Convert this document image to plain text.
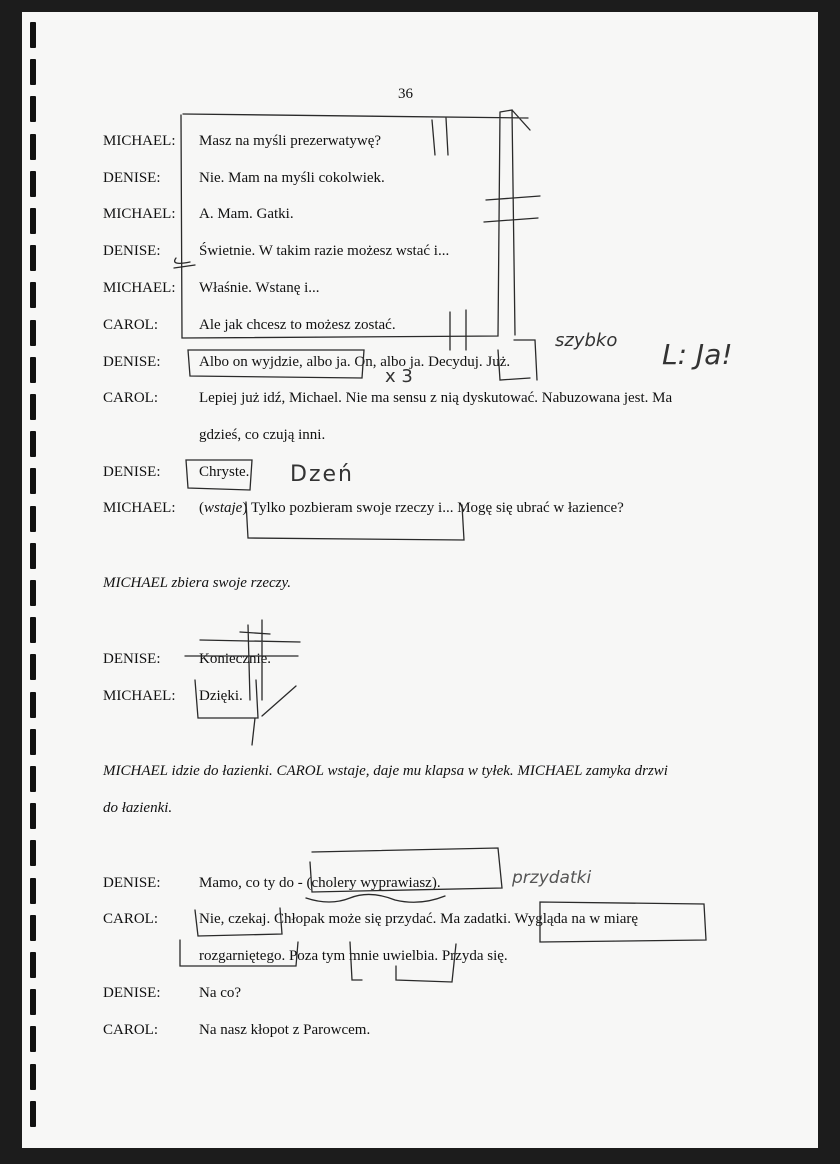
36
MICHAEL: Masz na myśli prezerwatywę?
DENISE:	Nie. Mam na myśli cokolwiek.
MICHAEL: A. Mam. Gatki.
DENISE:	Świetnie. W takim razie możesz wstać i...
MICHAEL: Właśnie. Wstanę i...
CAROL:	Ale jak chcesz to możesz zostać.
DENISE:	Albo on wyjdzie, albo ja. On, albo ja. Decyduj. Już.
CAROL:	Lepiej już idź, Michael. Nie ma sensu z nią dyskutować. Nabuzowana jest. Ma
gdzieś, co czują inni.
DENISE:	Chryste.
MICHAEL: (wstaje) Tylko pozbieram swoje rzeczy i... Mogę się ubrać w łazience?
MICHAEL zbiera swoje rzeczy.
DENISE:	Koniecznie.
MICHAEL: Dzięki.
MICHAEL idzie do łazienki. CAROL wstaje, daje mu klapsa w tyłek. MICHAEL zamyka drzwi
do łazienki.
DENISE:	Mamo, co ty do - (cholery wyprawiasz).
CAROL:	Nie, czekaj. Chłopak może się przydać. Ma zadatki. Wygląda na w miarę
rozgarniętego. Poza tym mnie uwielbia. Przyda się.
DENISE:	Na co?
CAROL:	Na nasz kłopot z Parowcem.
szybko L: Ja!
x 3
Dzeń
przydatki
